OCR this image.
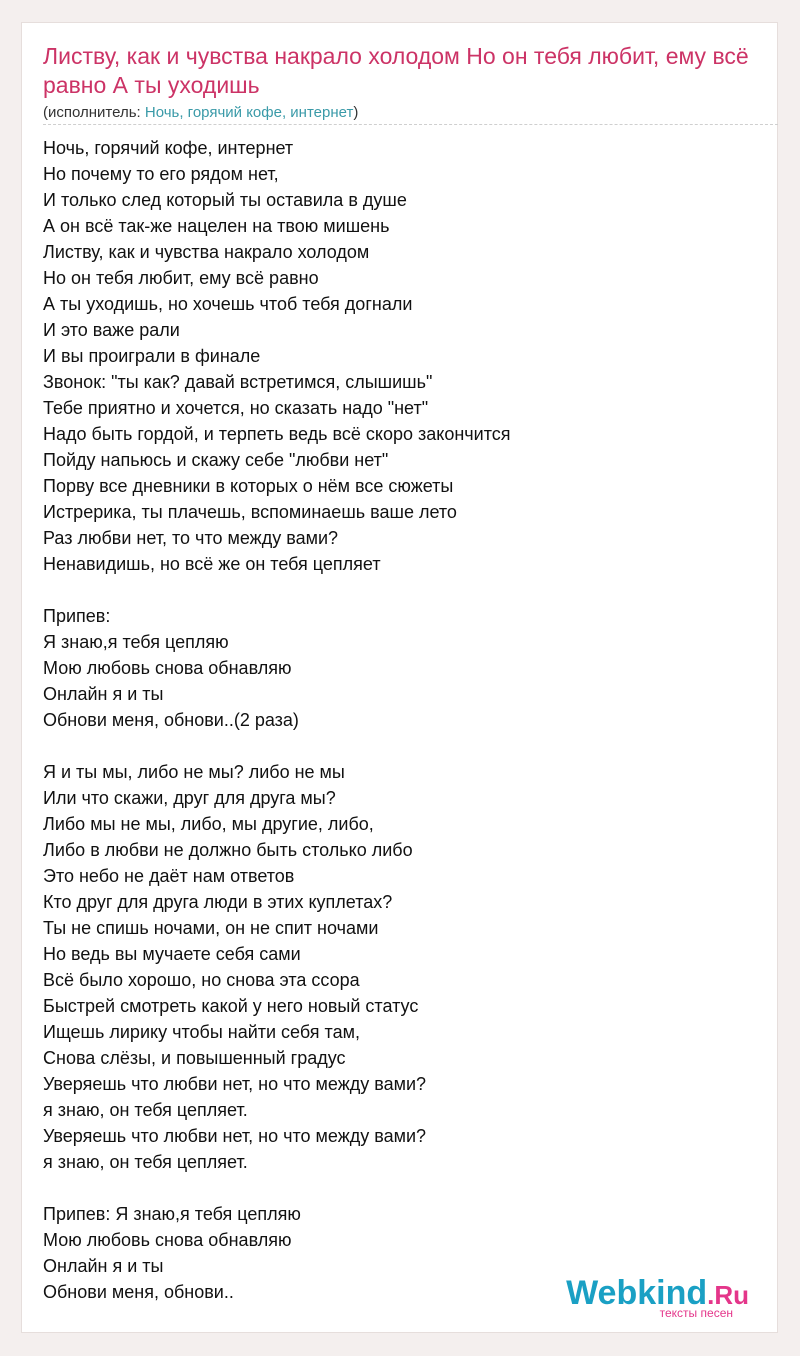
Листву, как и чувства накрало холодом Но он тебя любит, ему всё равно А ты уходишь
(исполнитель: Ночь, горячий кофе, интернет)
Ночь, горячий кофе, интернет
Но почему то его рядом нет,
И только след который ты оставила в душе
А он всё так-же нацелен на твою мишень
Листву, как и чувства накрало холодом
Но он тебя любит, ему всё равно
А ты уходишь, но хочешь чтоб тебя догнали
И это важе рали
И вы проиграли в финале
Звонок: "ты как? давай встретимся, слышишь"
Тебе приятно и хочется, но сказать надо "нет"
Надо быть гордой, и терпеть ведь всё скоро закончится
Пойду напьюсь и скажу себе "любви нет"
Порву все дневники в которых о нём все сюжеты
Истрерика, ты плачешь, вспоминаешь ваше лето
Раз любви нет, то что между вами?
Ненавидишь, но всё же он тебя цепляет
Припев:
Я знаю,я тебя цепляю
Мою любовь снова обнавляю
Онлайн я и ты
Обнови меня, обнови..(2 раза)
Я и ты мы, либо не мы? либо не мы
Или что скажи, друг для друга мы?
Либо мы не мы, либо, мы другие, либо,
Либо в любви не должно быть столько либо
Это небо не даёт нам ответов
Кто друг для друга люди в этих куплетах?
Ты не спишь ночами, он не спит ночами
Но ведь вы мучаете себя сами
Всё было хорошо, но снова эта ссора
Быстрей смотреть какой у него новый статус
Ищешь лирику чтобы найти себя там,
Снова слёзы, и повышенный градус
Уверяешь что любви нет, но что между вами?
я знаю, он тебя цепляет.
Уверяешь что любви нет, но что между вами?
я знаю, он тебя цепляет.
Припев: Я знаю,я тебя цепляю
Мою любовь снова обнавляю
Онлайн я и ты
Обнови меня, обнови..	Webkind.Ru
тексты песен
